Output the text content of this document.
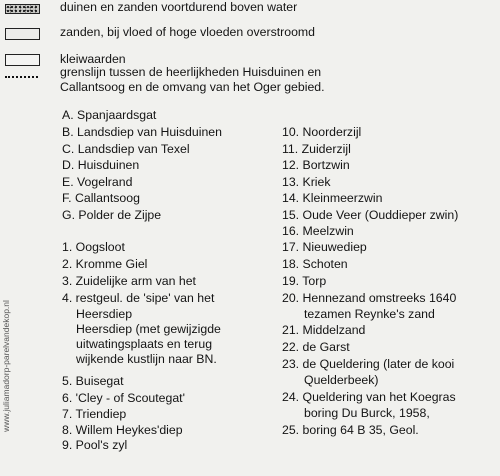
duinen en zanden voortdurend boven water
zanden, bij vloed of hoge vloeden overstroomd
kleiwaarden
grenslijn tussen de heerlijkheden Huisduinen en
Callantsoog en de omvang van het Oger gebied.
A. Spanjaardsgat
B. Landsdiep van Huisduinen
C. Landsdiep van Texel
D. Huisduinen
E. Vogelrand
F. Callantsoog
G. Polder de Zijpe
1. Oogsloot
2. Kromme Giel
3. Zuidelijke arm van het
4. restgeul. de 'sipe' van het
Heersdiep
Heersdiep (met gewijzigde
uitwatingsplaats en terug
wijkende kustlijn naar BN.
5. Buisegat
6. 'Cley - of Scoutegat'
7. Triendiep
8. Willem Heykes'diep
9. Pool's zyl
10. Noorderzijl
11. Zuiderzijl
12. Bortzwin
13. Kriek
14. Kleinmeerzwin
15. Oude Veer (Ouddieper zwin)
16. Meelzwin
17. Nieuwediep
18. Schoten
19. Torp
20. Hennezand omstreeks 1640
tezamen Reynke's zand
21. Middelzand
22. de Garst
23. de Queldering (later de kooi
Quelderbeek)
24. Queldering van het Koegras
boring Du Burck, 1958,
25. boring 64 B 35, Geol.
www.juliamadorp-parelvandekop.nl
